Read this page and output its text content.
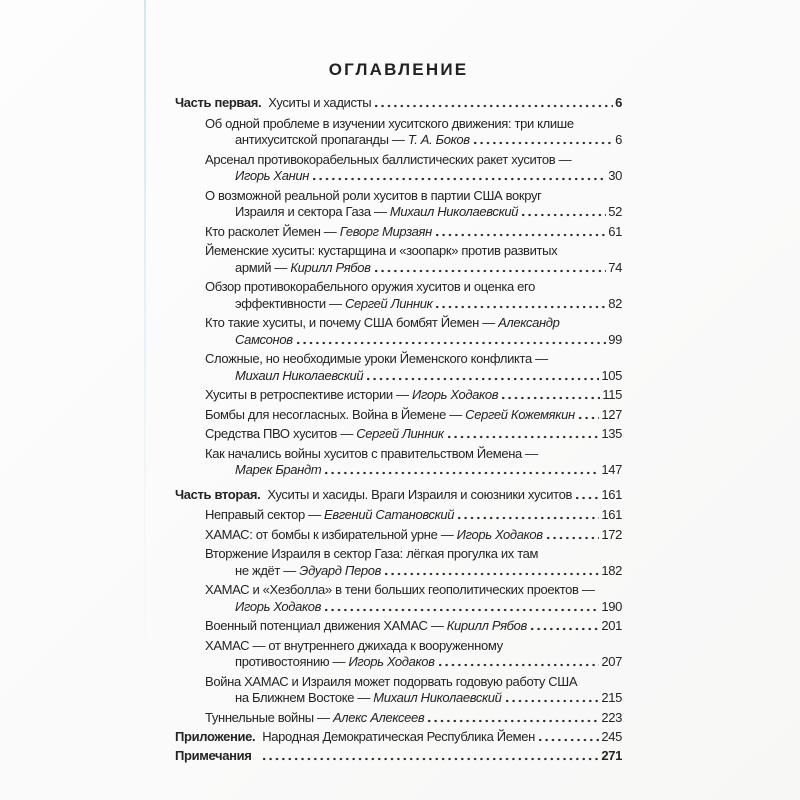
ОГЛАВЛЕНИЕ
Часть первая. Хуситы и хадисты	6
Об одной проблеме в изучении хуситского движения: три клише
антихуситской пропаганды — Т. А. Боков	6
Арсенал противокорабельных баллистических ракет хуситов —
Игорь Ханин	30
О возможной реальной роли хуситов в партии США вокруг
Израиля и сектора Газа — Михаил Николаевский	52
Кто расколет Йемен — Геворг Мирзаян	61
Йеменские хуситы: кустарщина и «зоопарк» против развитых
армий — Кирилл Рябов	74
Обзор противокорабельного оружия хуситов и оценка его
эффективности — Сергей Линник	82
Кто такие хуситы, и почему США бомбят Йемен — Александр
Самсонов	99
Сложные, но необходимые уроки Йеменского конфликта —
Михаил Николаевский	105
Хуситы в ретроспективе истории — Игорь Ходаков	115
Бомбы для несогласных. Война в Йемене — Сергей Кожемякин 127
Средства ПВО хуситов — Сергей Линник	135
Как начались войны хуситов с правительством Йемена —
Марек Брандт	147
Часть вторая. Хуситы и хасиды. Враги Израиля и союзники хуситов 161
Неправый сектор — Евгений Сатановский	161
ХАМАС: от бомбы к избирательной урне — Игорь Ходаков	172
Вторжение Израиля в сектор Газа: лёгкая прогулка их там
не ждёт — Эдуард Перов	182
ХАМАС и «Хезболла» в тени больших геополитических проектов —
Игорь Ходаков	190
Военный потенциал движения ХАМАС — Кирилл Рябов	201
ХАМАС — от внутреннего джихада к вооруженному
противостоянию — Игорь Ходаков	207
Война ХАМАС и Израиля может подорвать годовую работу США
на Ближнем Востоке — Михаил Николаевский	215
Туннельные войны — Алекс Алексеев	223
Приложение. Народная Демократическая Республика Йемен	245
Примечания	271
